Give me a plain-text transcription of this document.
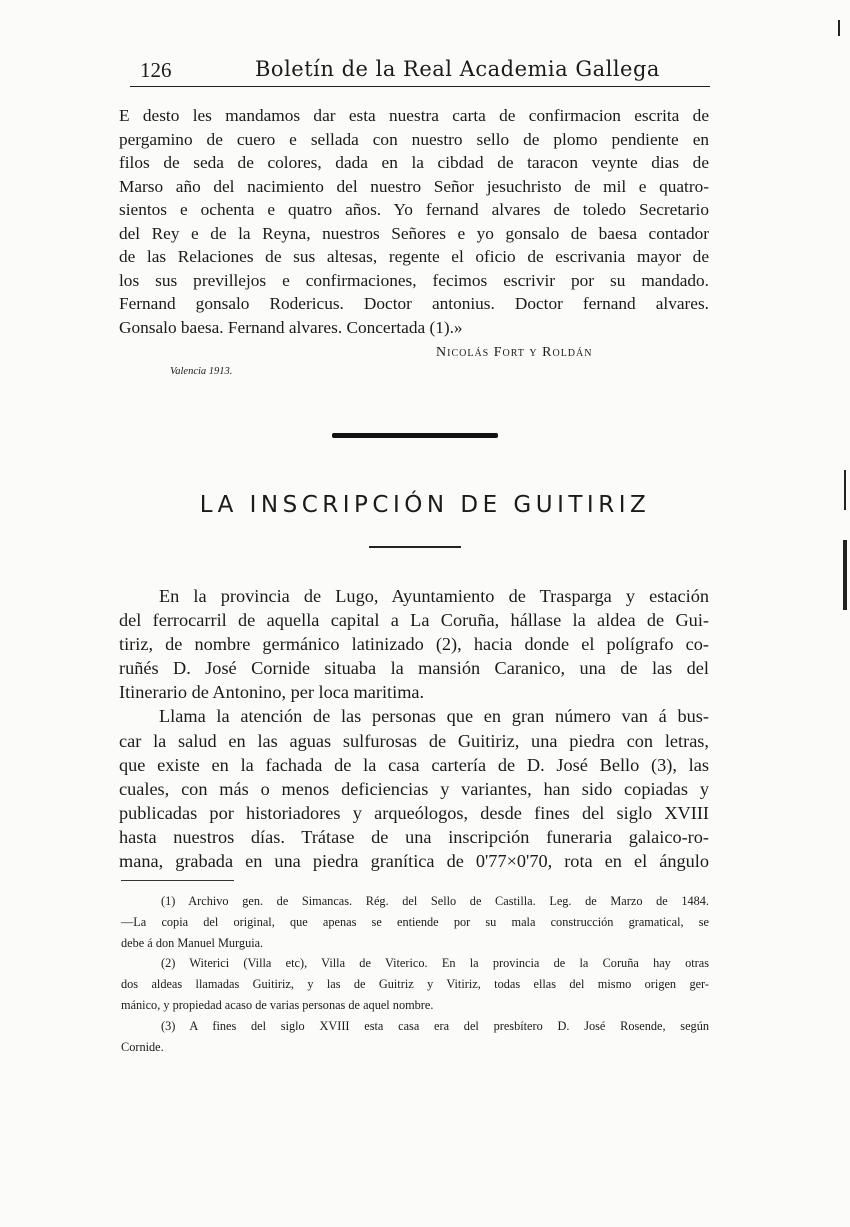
126	Boletín de la Real Academia Gallega
E desto les mandamos dar esta nuestra carta de confirmacion escrita de
pergamino de cuero e sellada con nuestro sello de plomo pendiente en
filos de seda de colores, dada en la cibdad de taracon veynte dias de
Marso año del nacimiento del nuestro Señor jesuchristo de mil e quatro-
sientos e ochenta e quatro años. Yo fernand alvares de toledo Secretario
del Rey e de la Reyna, nuestros Señores e yo gonsalo de baesa contador
de las Relaciones de sus altesas, regente el oficio de escrivania mayor de
los sus previllejos e confirmaciones, fecimos escrivir por su mandado.
Fernand gonsalo Rodericus. Doctor antonius. Doctor fernand alvares.
Gonsalo baesa. Fernand alvares. Concertada (1).»
Nicolás Fort y Roldán
Valencia 1913.
LA INSCRIPCIÓN DE GUITIRIZ
En la provincia de Lugo, Ayuntamiento de Trasparga y estación
del ferrocarril de aquella capital a La Coruña, hállase la aldea de Gui-
tiriz, de nombre germánico latinizado (2), hacia donde el polígrafo co-
ruñés D. José Cornide situaba la mansión Caranico, una de las del
Itinerario de Antonino, per loca maritima.
Llama la atención de las personas que en gran número van á bus-
car la salud en las aguas sulfurosas de Guitiriz, una piedra con letras,
que existe en la fachada de la casa cartería de D. José Bello (3), las
cuales, con más o menos deficiencias y variantes, han sido copiadas y
publicadas por historiadores y arqueólogos, desde fines del siglo XVIII
hasta nuestros días. Trátase de una inscripción funeraria galaico-ro-
mana, grabada en una piedra granítica de 0'77×0'70, rota en el ángulo
(1) Archivo gen. de Simancas. Rég. del Sello de Castilla. Leg. de Marzo de 1484.
—La copia del original, que apenas se entiende por su mala construcción gramatical, se
debe á don Manuel Murguia.
(2) Witerici (Villa etc), Villa de Viterico. En la provincia de la Coruña hay otras
dos aldeas llamadas Guitiriz, y las de Guitriz y Vitiriz, todas ellas del mismo origen ger-
mánico, y propiedad acaso de varias personas de aquel nombre.
(3) A fines del siglo XVIII esta casa era del presbítero D. José Rosende, según
Cornide.
